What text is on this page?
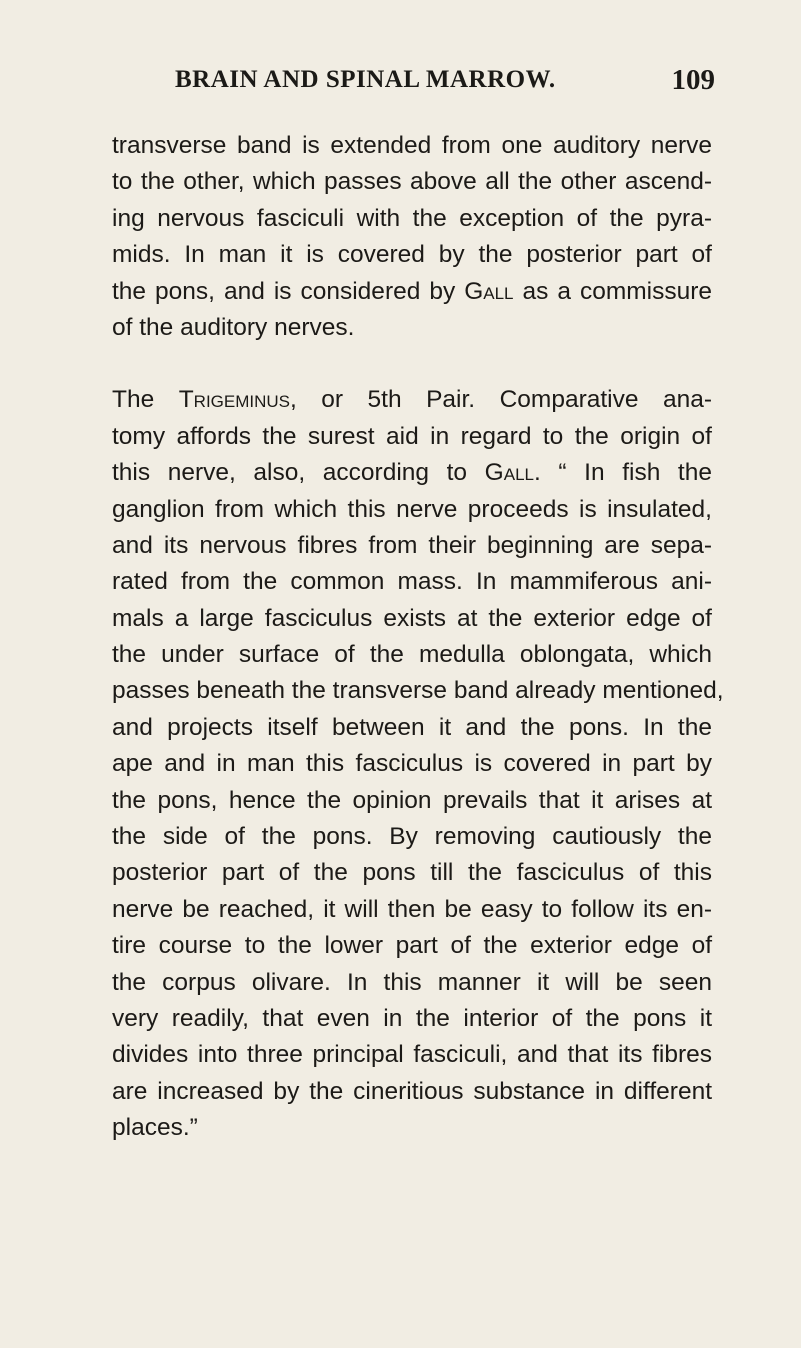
BRAIN AND SPINAL MARROW.	109
transverse band is extended from one auditory nerve
to the other, which passes above all the other ascend-
ing nervous fasciculi with the exception of the pyra-
mids. In man it is covered by the posterior part of
the pons, and is considered by Gall as a commissure
of the auditory nerves.
The Trigeminus, or 5th Pair. Comparative ana-
tomy affords the surest aid in regard to the origin of
this nerve, also, according to Gall. “ In fish the
ganglion from which this nerve proceeds is insulated,
and its nervous fibres from their beginning are sepa-
rated from the common mass. In mammiferous ani-
mals a large fasciculus exists at the exterior edge of
the under surface of the medulla oblongata, which
passes beneath the transverse band already mentioned,
and projects itself between it and the pons. In the
ape and in man this fasciculus is covered in part by
the pons, hence the opinion prevails that it arises at
the side of the pons. By removing cautiously the
posterior part of the pons till the fasciculus of this
nerve be reached, it will then be easy to follow its en-
tire course to the lower part of the exterior edge of
the corpus olivare. In this manner it will be seen
very readily, that even in the interior of the pons it
divides into three principal fasciculi, and that its fibres
are increased by the cineritious substance in different
places.”
